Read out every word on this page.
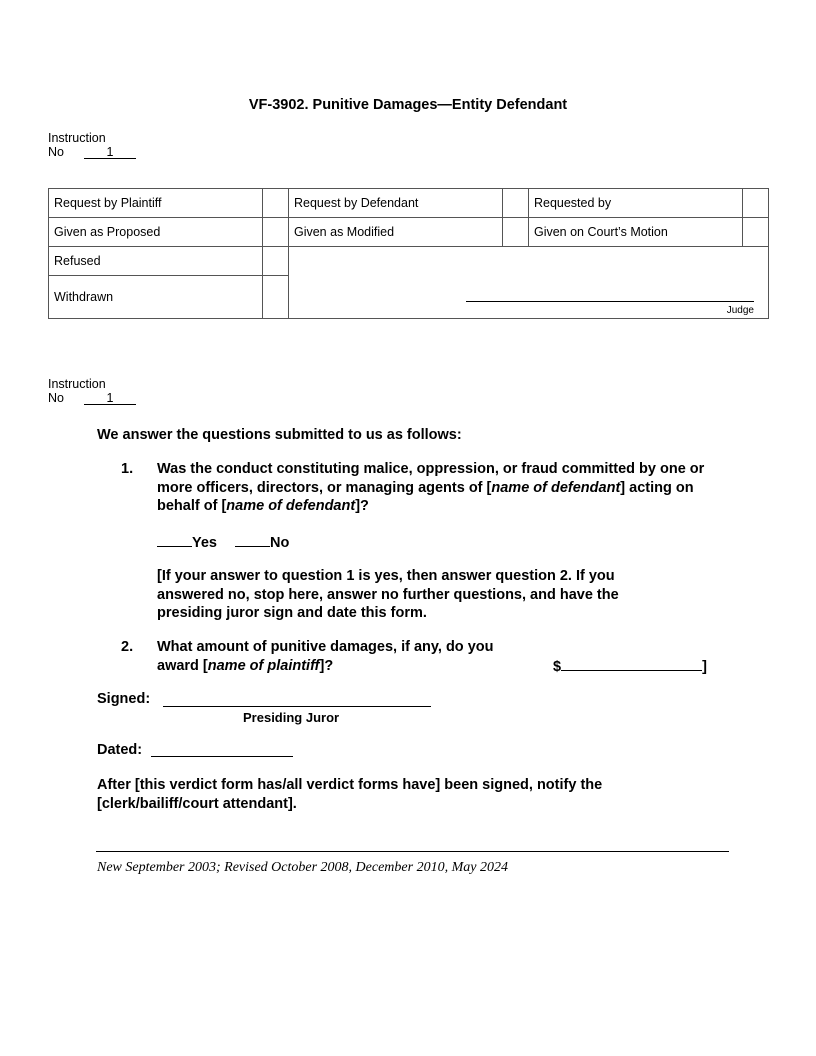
VF-3902. Punitive Damages—Entity Defendant
Instruction
No	1
Request by Plaintiff		Request by Defendant		Requested by	
Given as Proposed		Given as Modified		Given on Court’s Motion	
Refused		Judge			

Withdrawn					
Instruction
No	1
We answer the questions submitted to us as follows:
1. Was the conduct constituting malice, oppression, or fraud committed by one or more officers, directors, or managing agents of [name of defendant] acting on behalf of [name of defendant]?
Yes	No
[If your answer to question 1 is yes, then answer question 2. If you answered no, stop here, answer no further questions, and have the presiding juror sign and date this form.
2. What amount of punitive damages, if any, do you
award [name of plaintiff]?	$	]
Signed:
Presiding Juror
Dated:
After [this verdict form has/all verdict forms have] been signed, notify the [clerk/bailiff/court attendant].
New September 2003; Revised October 2008, December 2010, May 2024
